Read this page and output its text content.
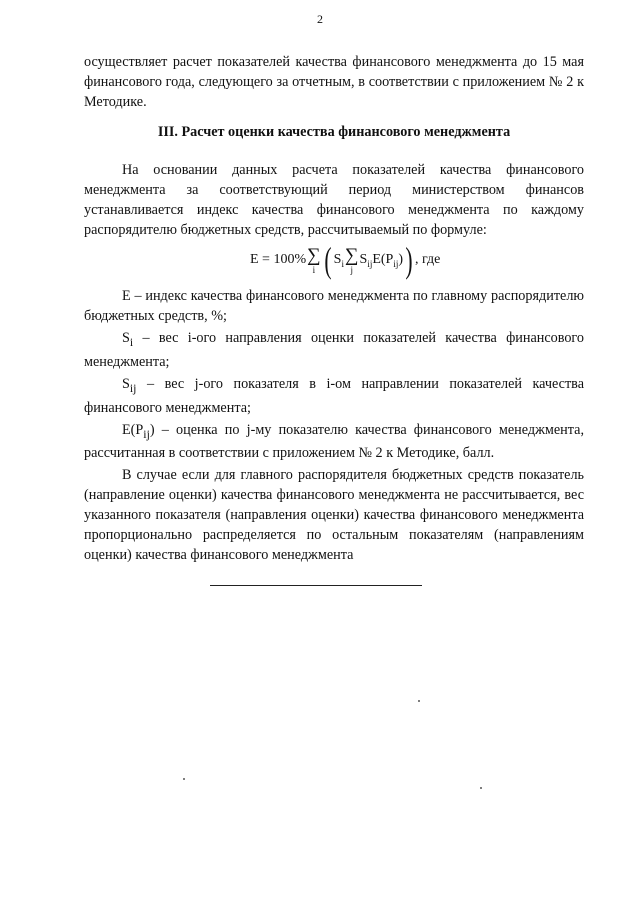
2

осуществляет расчет показателей качества финансового менеджмента до 15 мая финансового года, следующего за отчетным, в соответствии с приложением № 2 к Методике.

III. Расчет оценки качества финансового менеджмента

На основании данных расчета показателей качества финансового менеджмента за соответствующий период министерством финансов устанавливается индекс качества финансового менеджмента по каждому распорядителю бюджетных средств, рассчитываемый по формуле:

E = 100% ∑
i ( $S_i$ ∑
j
$S_{ij}$ $E(P_{ij})$ ) , где

E – индекс качества финансового менеджмента по главному распорядителю бюджетных средств, %;

$S_i$ – вес i-ого направления оценки показателей качества финансового менеджмента;

$S_{ij}$ – вес j-ого показателя в i-ом направлении показателей качества финансового менеджмента;

$E(P_{ij})$ – оценка по j-му показателю качества финансового менеджмента, рассчитанная в соответствии с приложением № 2 к Методике, балл.

В случае если для главного распорядителя бюджетных средств показатель (направление оценки) качества финансового менеджмента не рассчитывается, вес указанного показателя (направления оценки) качества финансового менеджмента пропорционально распределяется по остальным показателям (направлениям оценки) качества финансового менеджмента
